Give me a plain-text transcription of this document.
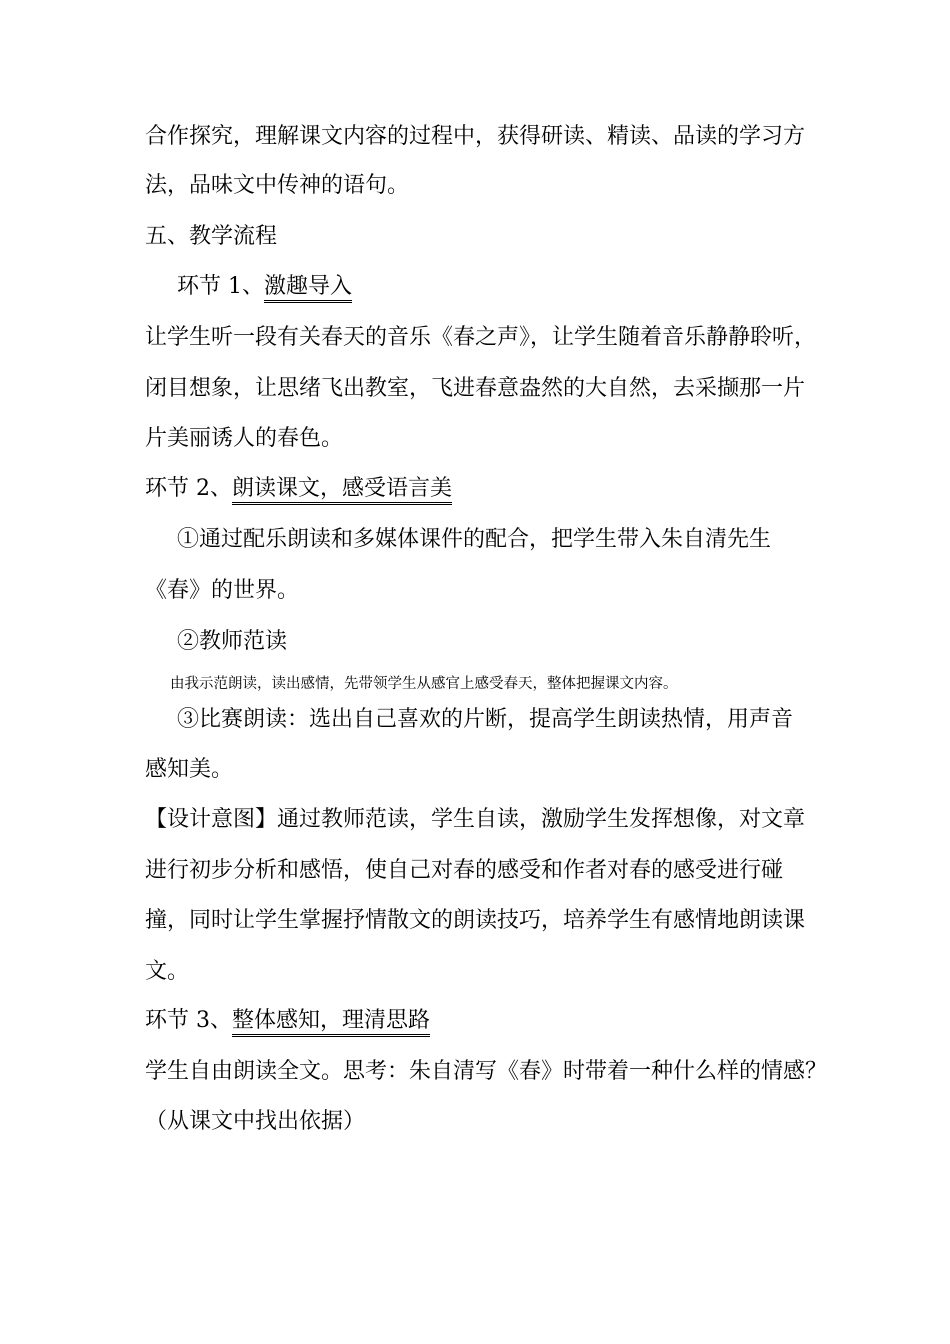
合作探究，理解课文内容的过程中，获得研读、精读、品读的学习方
法，品味文中传神的语句。
五、教学流程
环节 1、激趣导入
让学生听一段有关春天的音乐《春之声》，让学生随着音乐静静聆听，
闭目想象，让思绪飞出教室，飞进春意盎然的大自然，去采撷那一片
片美丽诱人的春色。
环节 2、朗读课文，感受语言美
①通过配乐朗读和多媒体课件的配合，把学生带入朱自清先生
《春》的世界。
②教师范读
由我示范朗读，读出感情，先带领学生从感官上感受春天，整体把握课文内容。
③比赛朗读：选出自己喜欢的片断，提高学生朗读热情，用声音
感知美。
【设计意图】通过教师范读，学生自读，激励学生发挥想像，对文章
进行初步分析和感悟，使自己对春的感受和作者对春的感受进行碰
撞，同时让学生掌握抒情散文的朗读技巧，培养学生有感情地朗读课
文。
环节 3、整体感知，理清思路
学生自由朗读全文。思考：朱自清写《春》时带着一种什么样的情感？
（从课文中找出依据）
